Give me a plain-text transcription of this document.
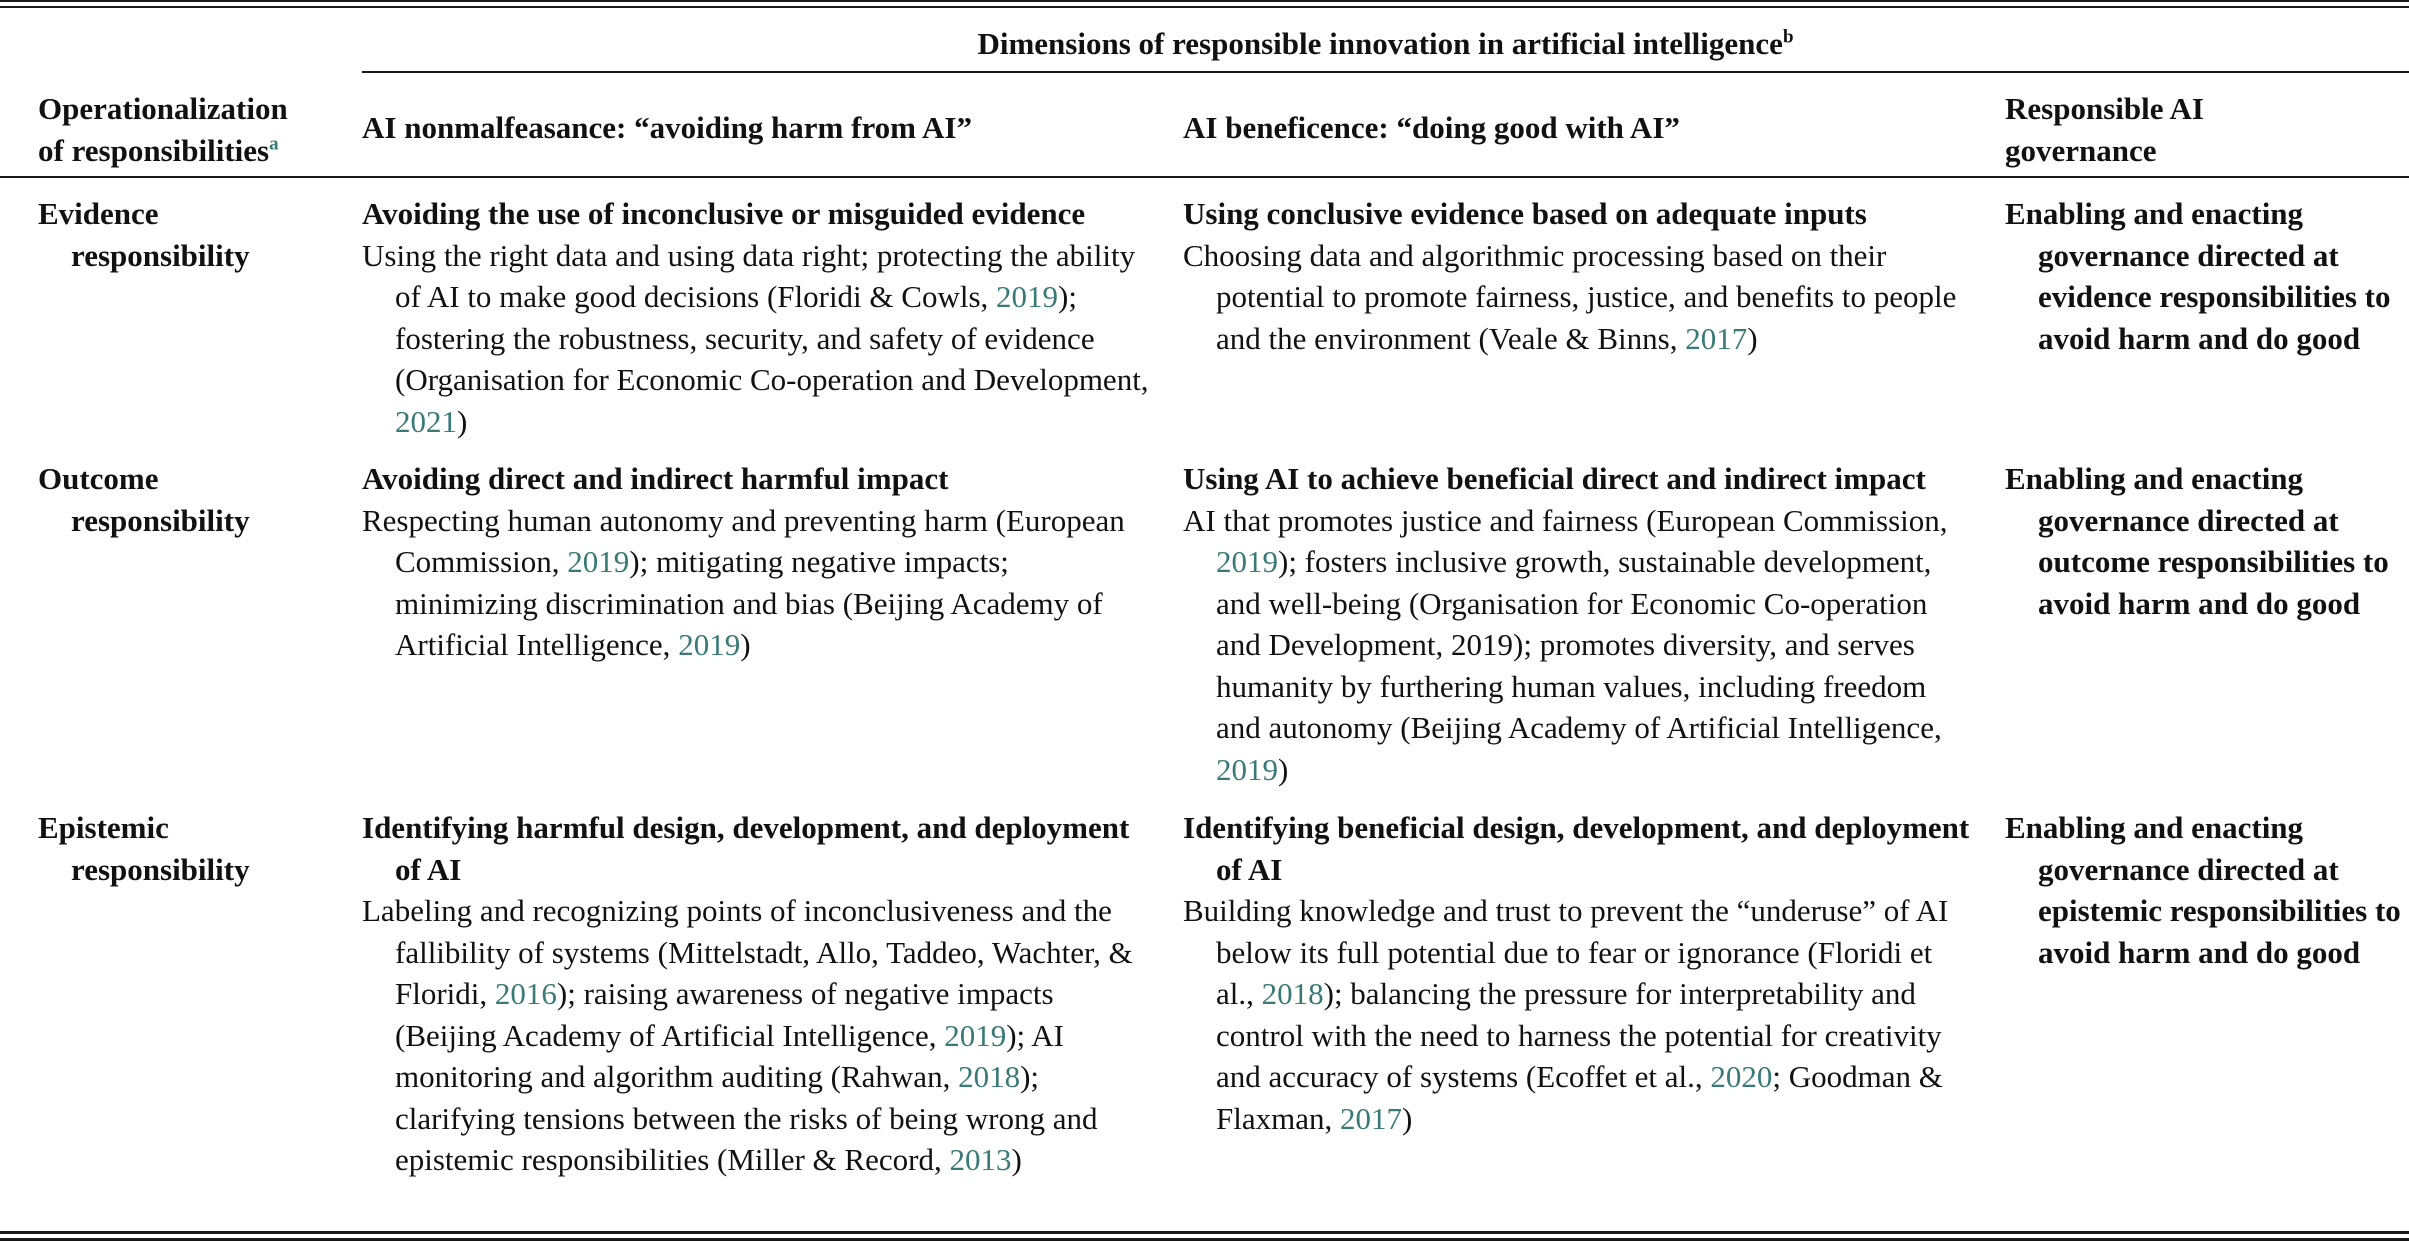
Dimensions of responsible innovation in artificial intelligence$^b$
Operationalization
of responsibilities$^a$	AI nonmalfeasance: “avoiding harm from AI”	AI beneficence: “doing good with AI”
Responsible AI
governance
Evidence
responsibility
Avoiding the use of inconclusive or misguided evidence
Using the right data and using data right; protecting the ability of AI to make good decisions (Floridi & Cowls, 2019); fostering the robustness, security, and safety of evidence (Organisation for Economic Co-operation and Development, 2021)
Using conclusive evidence based on adequate inputs
Choosing data and algorithmic processing based on their potential to promote fairness, justice, and benefits to people and the environment (Veale & Binns, 2017)
Enabling and enacting governance directed at evidence responsibilities to avoid harm and do good
Outcome
responsibility
Avoiding direct and indirect harmful impact
Respecting human autonomy and preventing harm (European Commission, 2019); mitigating negative impacts; minimizing discrimination and bias (Beijing Academy of Artificial Intelligence, 2019)
Using AI to achieve beneficial direct and indirect impact
AI that promotes justice and fairness (European Commission, 2019); fosters inclusive growth, sustainable development, and well-being (Organisation for Economic Co-operation and Development, 2019); promotes diversity, and serves humanity by furthering human values, including freedom and autonomy (Beijing Academy of Artificial Intelligence, 2019)
Enabling and enacting governance directed at outcome responsibilities to avoid harm and do good
Epistemic
responsibility
Identifying harmful design, development, and deployment of AI
Labeling and recognizing points of inconclusiveness and the fallibility of systems (Mittelstadt, Allo, Taddeo, Wachter, & Floridi, 2016); raising awareness of negative impacts (Beijing Academy of Artificial Intelligence, 2019); AI monitoring and algorithm auditing (Rahwan, 2018); clarifying tensions between the risks of being wrong and epistemic responsibilities (Miller & Record, 2013)
Identifying beneficial design, development, and deployment of AI
Building knowledge and trust to prevent the “underuse” of AI below its full potential due to fear or ignorance (Floridi et al., 2018); balancing the pressure for interpretability and control with the need to harness the potential for creativity and accuracy of systems (Ecoffet et al., 2020; Goodman & Flaxman, 2017)
Enabling and enacting governance directed at epistemic responsibilities to avoid harm and do good
